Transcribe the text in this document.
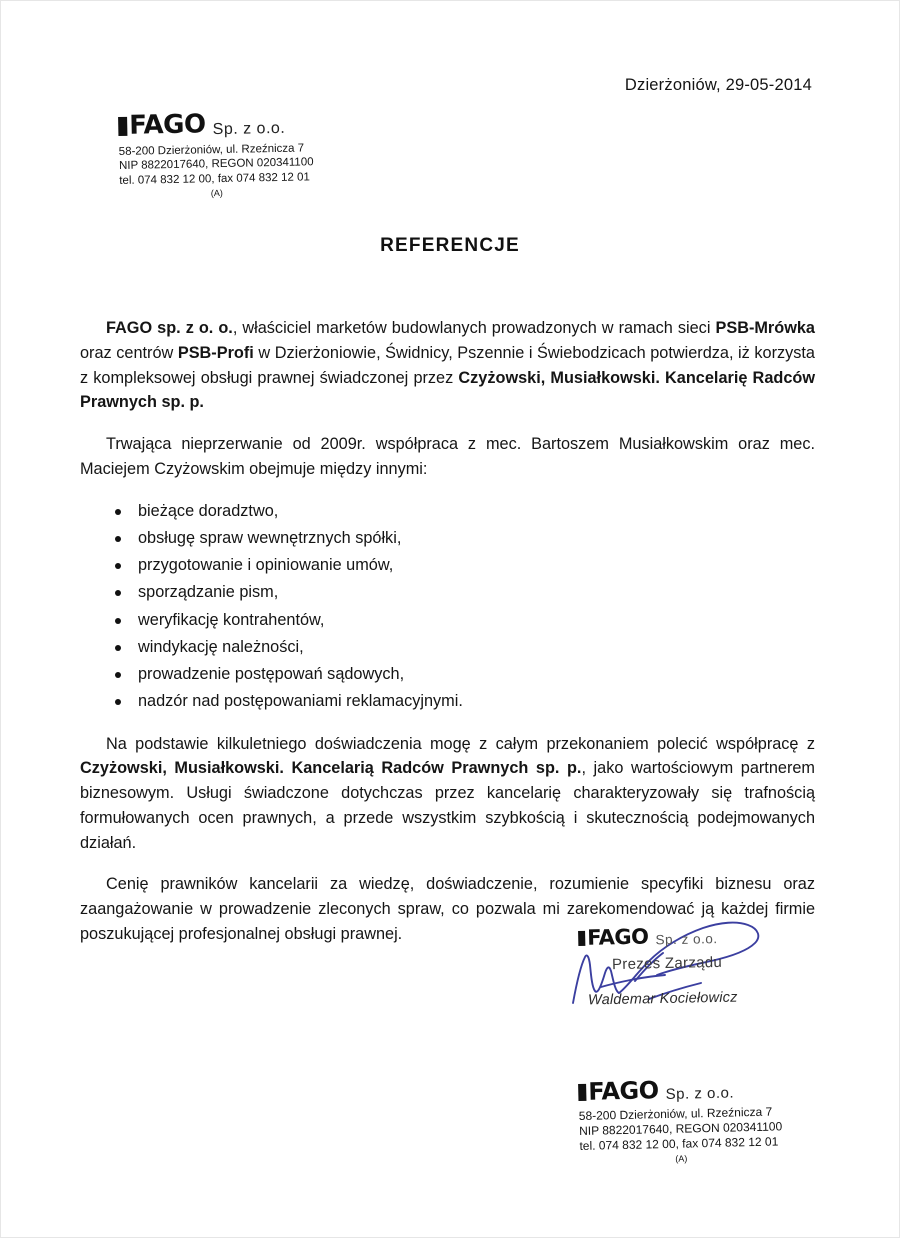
Dzierżoniów, 29-05-2014
FAGO Sp. z o.o.
58-200 Dzierżoniów, ul. Rzeźnicza 7
NIP 8822017640, REGON 020341100
tel. 074 832 12 00, fax 074 832 12 01
(A)
REFERENCJE

FAGO sp. z o. o., właściciel marketów budowlanych prowadzonych w ramach sieci PSB-Mrówka oraz centrów PSB-Profi w Dzierżoniowie, Świdnicy, Pszennie i Świebodzicach potwierdza, iż korzysta z kompleksowej obsługi prawnej świadczonej przez Czyżowski, Musiałkowski. Kancelarię Radców Prawnych sp. p.

Trwająca nieprzerwanie od 2009r. współpraca z mec. Bartoszem Musiałkowskim oraz mec. Maciejem Czyżowskim obejmuje między innymi:

bieżące doradztwo,
obsługę spraw wewnętrznych spółki,
przygotowanie i opiniowanie umów,
sporządzanie pism,
weryfikację kontrahentów,
windykację należności,
prowadzenie postępowań sądowych,
nadzór nad postępowaniami reklamacyjnymi.

Na podstawie kilkuletniego doświadczenia mogę z całym przekonaniem polecić współpracę z Czyżowski, Musiałkowski. Kancelarią Radców Prawnych sp. p., jako wartościowym partnerem biznesowym. Usługi świadczone dotychczas przez kancelarię charakteryzowały się trafnością formułowanych ocen prawnych, a przede wszystkim szybkością i skutecznością podejmowanych działań.

Cenię prawników kancelarii za wiedzę, doświadczenie, rozumienie specyfiki biznesu oraz zaangażowanie w prowadzenie zleconych spraw, co pozwala mi zarekomendować ją każdej firmie poszukującej profesjonalnej obsługi prawnej.	FAGO Sp. z o.o.
Prezes Zarządu
Waldemar Kociełowicz
FAGO Sp. z o.o.
58-200 Dzierżoniów, ul. Rzeźnicza 7
NIP 8822017640, REGON 020341100
tel. 074 832 12 00, fax 074 832 12 01
(A)
